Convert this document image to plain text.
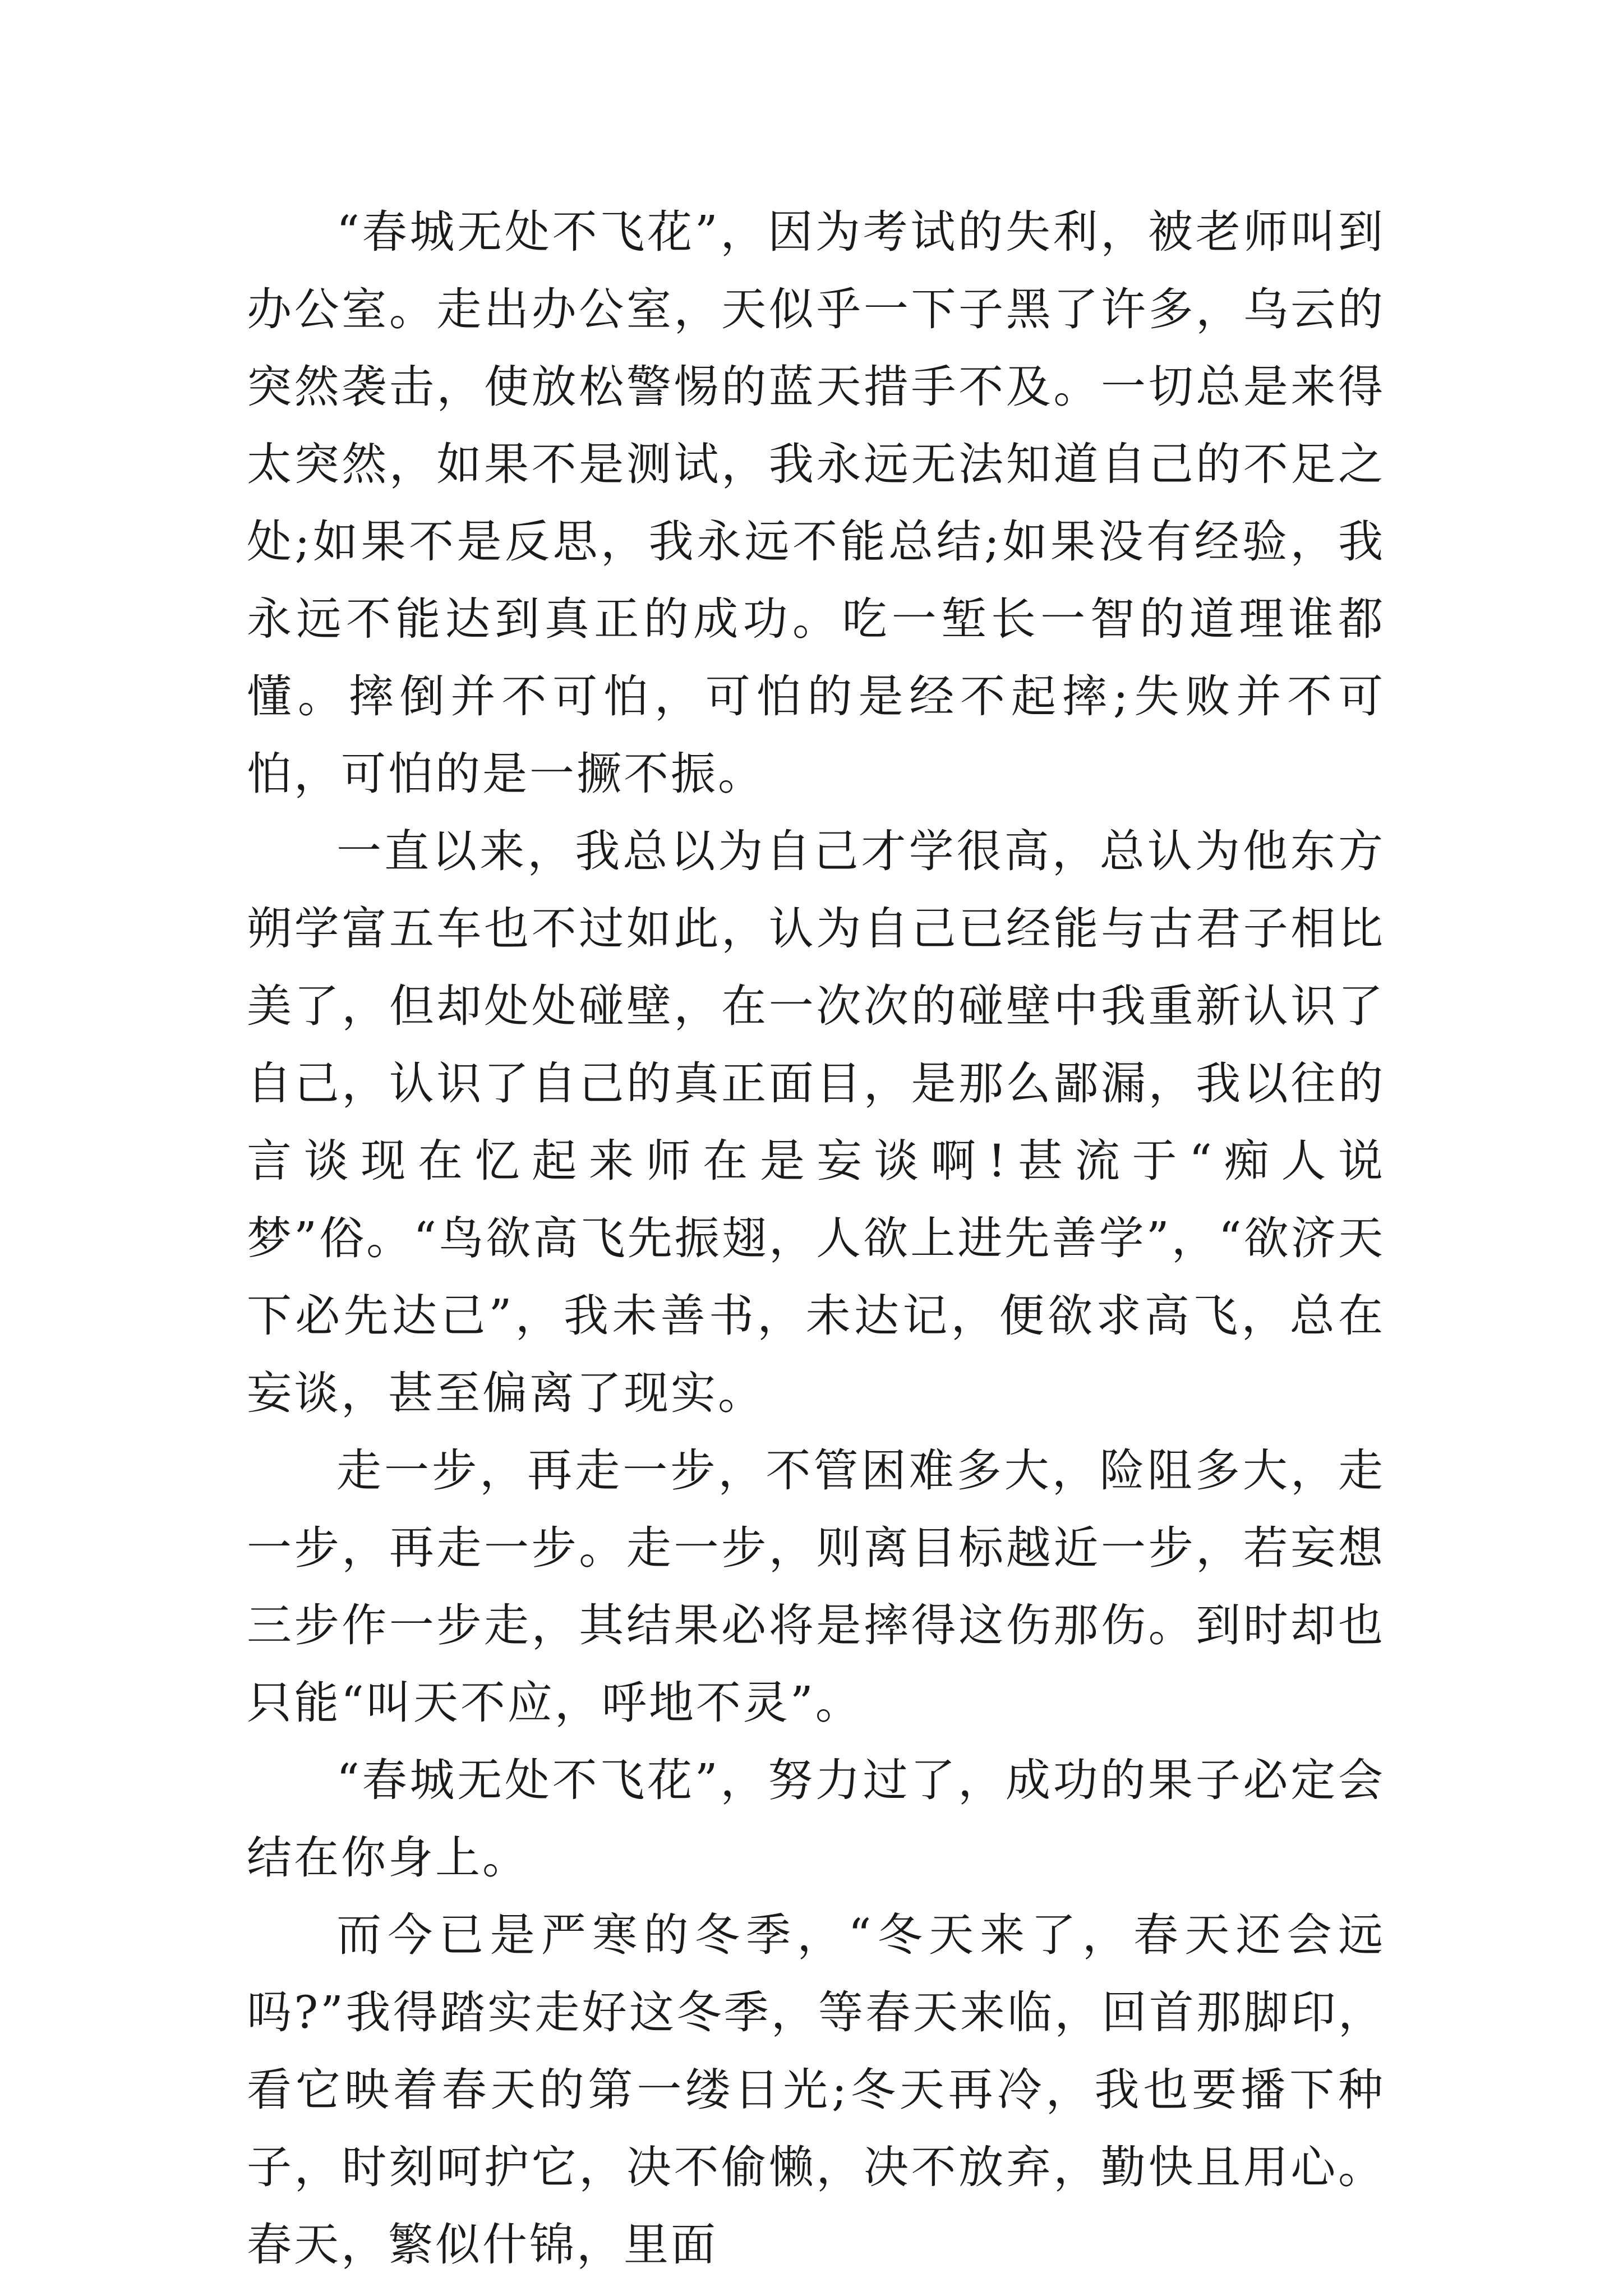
“春城无处不飞花”，因为考试的失利，被老师叫到办公室。走出办公室，天似乎一下子黑了许多，乌云的突然袭击，使放松警惕的蓝天措手不及。一切总是来得太突然，如果不是测试，我永远无法知道自己的不足之处;如果不是反思，我永远不能总结;如果没有经验，我永远不能达到真正的成功。吃一堑长一智的道理谁都懂。摔倒并不可怕，可怕的是经不起摔;失败并不可怕，可怕的是一撅不振。

一直以来，我总以为自己才学很高，总认为他东方朔学富五车也不过如此，认为自己已经能与古君子相比美了，但却处处碰壁，在一次次的碰壁中我重新认识了自己，认识了自己的真正面目，是那么鄙漏，我以往的言谈现在忆起来师在是妄谈啊!甚流于“痴人说梦”俗。“鸟欲高飞先振翅，人欲上进先善学”，“欲济天下必先达己”，我未善书，未达记，便欲求高飞，总在妄谈，甚至偏离了现实。

走一步，再走一步，不管困难多大，险阻多大，走一步，再走一步。走一步，则离目标越近一步，若妄想三步作一步走，其结果必将是摔得这伤那伤。到时却也只能“叫天不应，呼地不灵”。

“春城无处不飞花”，努力过了，成功的果子必定会结在你身上。

而今已是严寒的冬季，“冬天来了，春天还会远吗?”我得踏实走好这冬季，等春天来临，回首那脚印，看它映着春天的第一缕日光;冬天再冷，我也要播下种子，时刻呵护它，决不偷懒，决不放弃，勤快且用心。春天，繁似什锦，里面
